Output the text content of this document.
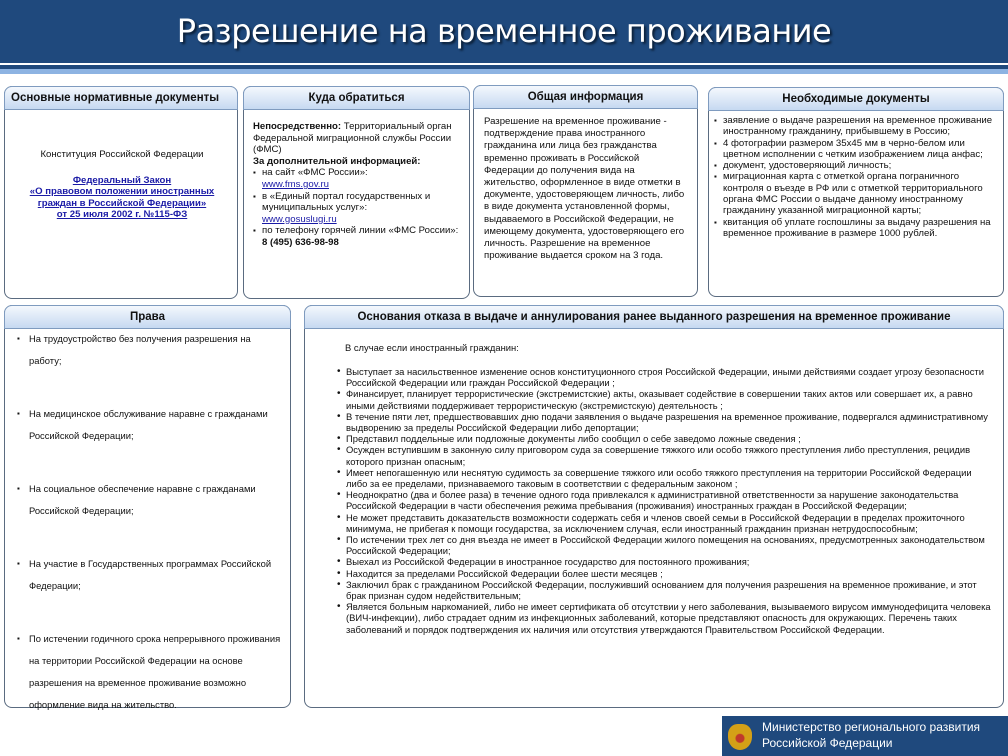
Разрешение на временное проживание
Основные нормативные документы
Конституция Российской Федерации
Федеральный Закон
«О правовом положении иностранных
граждан в Российской Федерации»
от 25 июля 2002 г. №115-ФЗ
Куда обратиться
Непосредственно: Территориальный орган Федеральной миграционной службы России (ФМС)
За дополнительной информацией:
▪ на сайт «ФМС России»:
www.fms.gov.ru
▪ в «Единый портал государственных и муниципальных услуг»:
www.gosuslugi.ru
▪ по телефону горячей линии «ФМС России»: 8 (495) 636-98-98
Общая информация
Разрешение на временное проживание - подтверждение права иностранного гражданина или лица без гражданства временно проживать в Российской Федерации до получения вида на жительство, оформленное в виде отметки в документе, удостоверяющем личность, либо в виде документа установленной формы, выдаваемого в Российской Федерации, не имеющему документа, удостоверяющего его личность. Разрешение на временное проживание выдается сроком на 3 года.
Необходимые документы
▪ заявление о выдаче разрешения на временное проживание иностранному гражданину, прибывшему в Россию;
▪ 4 фотографии размером 35х45 мм в черно-белом или цветном исполнении с четким изображением лица анфас;
▪ документ, удостоверяющий личность;
▪ миграционная карта с отметкой органа пограничного контроля о въезде в РФ или с отметкой территориального органа ФМС России о выдаче данному иностранному гражданину указанной миграционной карты;
▪ квитанция об уплате госпошлины за выдачу разрешения на временное проживание в размере 1000 рублей.
Права
▪ На трудоустройство без получения разрешения на работу;
▪ На медицинское обслуживание наравне с гражданами Российской Федерации;
▪ На социальное обеспечение наравне с гражданами Российской Федерации;
▪ На участие в Государственных программах Российской Федерации;
▪ По истечении годичного срока непрерывного проживания на территории Российской Федерации на основе разрешения на временное проживание возможно оформление вида на жительство.
Основания отказа в выдаче и аннулирования ранее выданного разрешения на временное проживание
В случае если иностранный гражданин:
• Выступает за насильственное изменение основ конституционного строя Российской Федерации, иными действиями создает угрозу безопасности Российской Федерации или граждан Российской Федерации ;
• Финансирует, планирует террористические (экстремистские) акты, оказывает содействие в совершении таких актов или совершает их, а равно иными действиями поддерживает террористическую (экстремистскую) деятельность ;
• В течение пяти лет, предшествовавших дню подачи заявления о выдаче разрешения на временное проживание, подвергался административному выдворению за пределы Российской Федерации либо депортации;
• Представил поддельные или подложные документы либо сообщил о себе заведомо ложные сведения ;
• Осужден вступившим в законную силу приговором суда за совершение тяжкого или особо тяжкого преступления либо преступления, рецидив которого признан опасным;
• Имеет непогашенную или неснятую судимость за совершение тяжкого или особо тяжкого преступления на территории Российской Федерации либо за ее пределами, признаваемого таковым в соответствии с федеральным законом ;
• Неоднократно (два и более раза) в течение одного года привлекался к административной ответственности за нарушение законодательства Российской Федерации в части обеспечения режима пребывания (проживания) иностранных граждан в Российской Федерации;
• Не может представить доказательств возможности содержать себя и членов своей семьи в Российской Федерации в пределах прожиточного минимума, не прибегая к помощи государства, за исключением случая, если иностранный гражданин признан нетрудоспособным;
• По истечении трех лет со дня въезда не имеет в Российской Федерации жилого помещения на основаниях, предусмотренных законодательством Российской Федерации;
• Выехал из Российской Федерации в иностранное государство для постоянного проживания;
• Находится за пределами Российской Федерации более шести месяцев ;
• Заключил брак с гражданином Российской Федерации, послуживший основанием для получения разрешения на временное проживание, и этот брак признан судом недействительным;
• Является больным наркоманией, либо не имеет сертификата об отсутствии у него заболевания, вызываемого вирусом иммунодефицита человека (ВИЧ-инфекции), либо страдает одним из инфекционных заболеваний, которые представляют опасность для окружающих. Перечень таких заболеваний и порядок подтверждения их наличия или отсутствия утверждаются Правительством Российской Федерации.
Министерство регионального развития
Российской Федерации
